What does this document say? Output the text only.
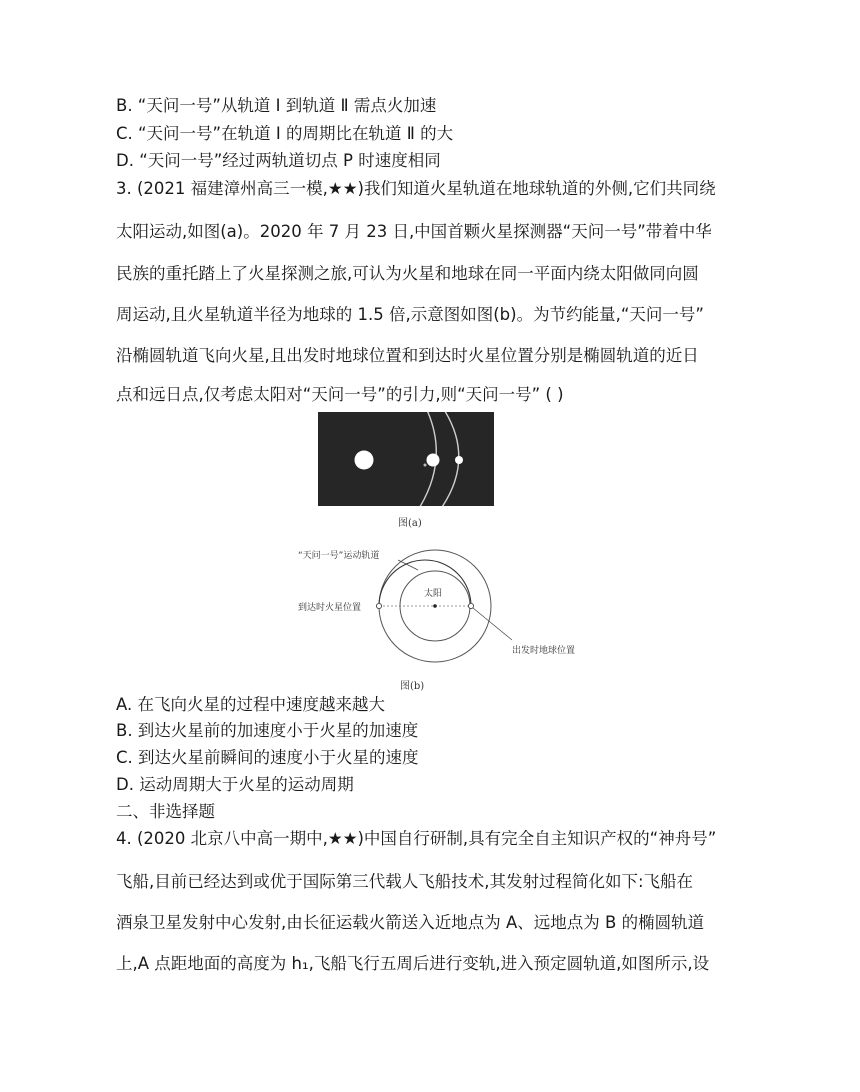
B. “天问一号”从轨道 Ⅰ 到轨道 Ⅱ 需点火加速
C. “天问一号”在轨道 Ⅰ 的周期比在轨道 Ⅱ 的大
D. “天问一号”经过两轨道切点 P 时速度相同
3. (2021 福建漳州高三一模,★★)我们知道火星轨道在地球轨道的外侧,它们共同绕
太阳运动,如图(a)。2020 年 7 月 23 日,中国首颗火星探测器“天问一号”带着中华
民族的重托踏上了火星探测之旅,可认为火星和地球在同一平面内绕太阳做同向圆
周运动,且火星轨道半径为地球的 1.5 倍,示意图如图(b)。为节约能量,“天问一号”
沿椭圆轨道飞向火星,且出发时地球位置和到达时火星位置分别是椭圆轨道的近日
点和远日点,仅考虑太阳对“天问一号”的引力,则“天问一号” ( )
图(a)
“天问一号”运动轨道
太阳
到达时火星位置
出发时地球位置
图(b)
A. 在飞向火星的过程中速度越来越大
B. 到达火星前的加速度小于火星的加速度
C. 到达火星前瞬间的速度小于火星的速度
D. 运动周期大于火星的运动周期
二、非选择题
4. (2020 北京八中高一期中,★★)中国自行研制,具有完全自主知识产权的“神舟号”
飞船,目前已经达到或优于国际第三代载人飞船技术,其发射过程简化如下:飞船在
酒泉卫星发射中心发射,由长征运载火箭送入近地点为 A、远地点为 B 的椭圆轨道
上,A 点距地面的高度为 h₁,飞船飞行五周后进行变轨,进入预定圆轨道,如图所示,设
